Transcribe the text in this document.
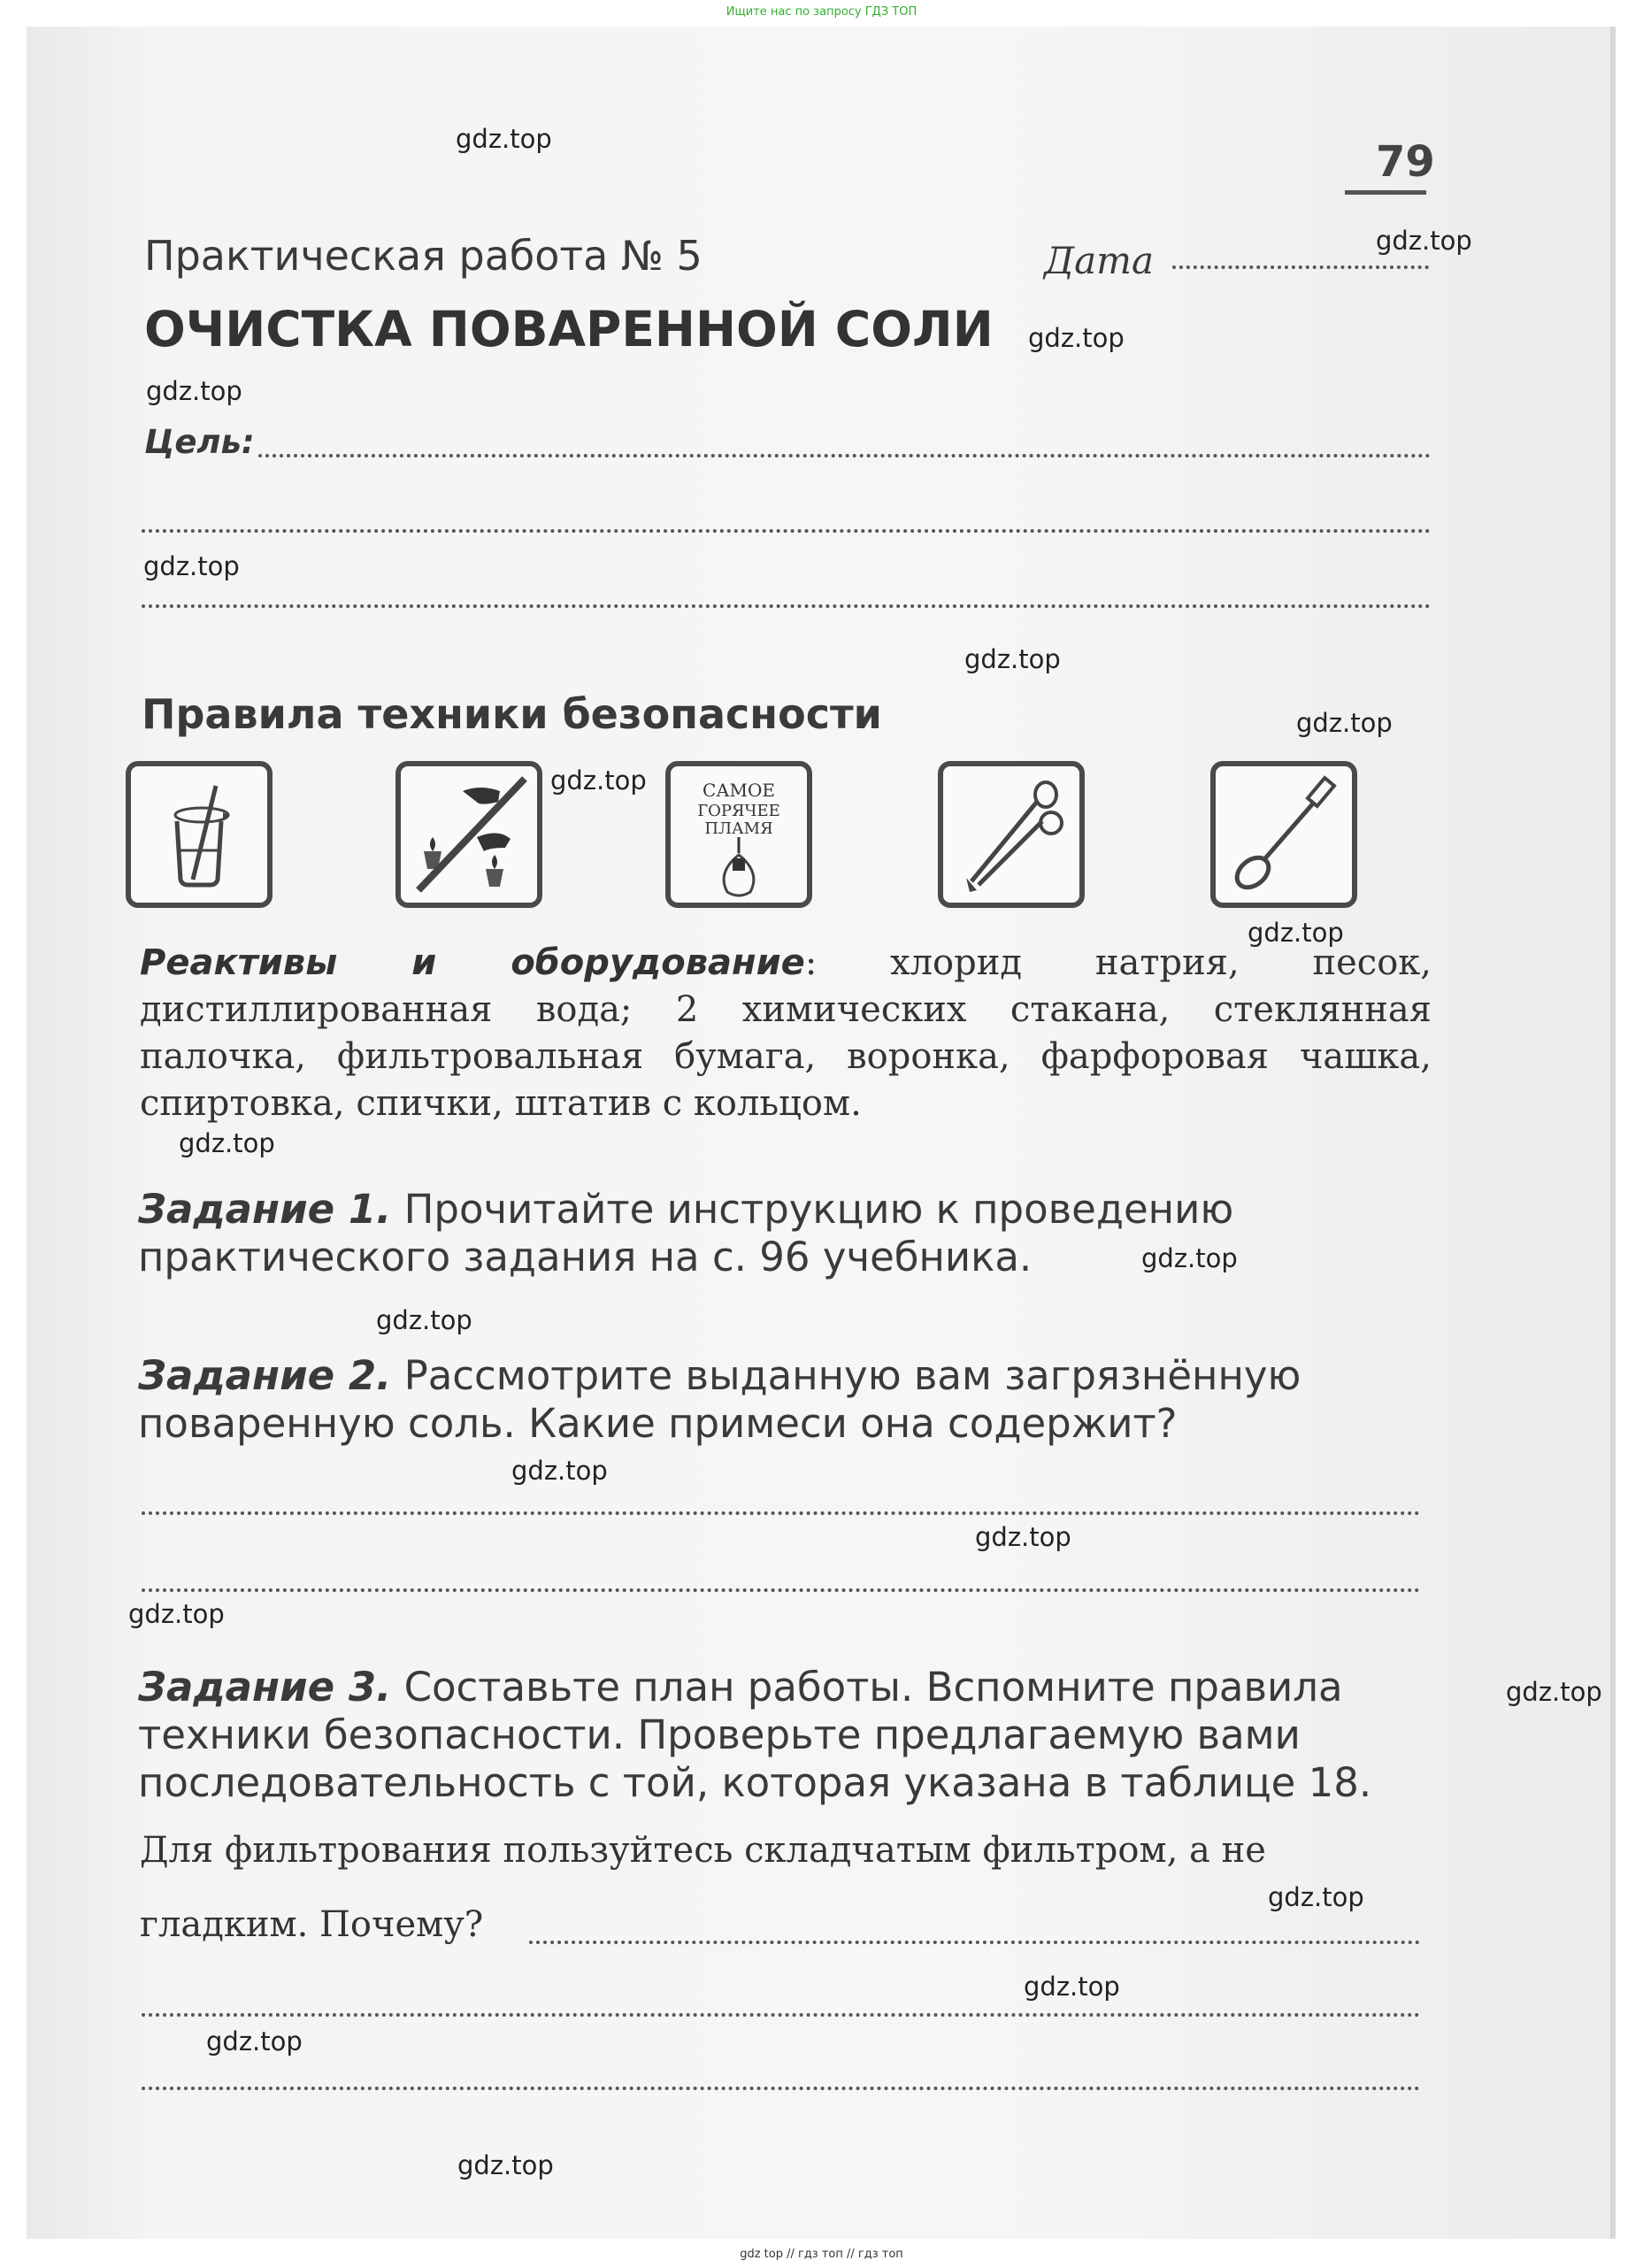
Ищите нас по запросу ГДЗ ТОП
gdz.top
gdz.top
gdz.top
gdz.top
gdz.top
gdz.top
gdz.top
gdz.top
gdz.top
gdz.top
gdz.top
gdz.top
gdz.top
gdz.top
gdz.top
gdz.top
gdz.top
gdz.top
gdz.top
gdz.top
79
Практическая работа № 5	Дата
ОЧИСТКА ПОВАРЕННОЙ СОЛИ
Цель:
Правила техники безопасности
САМОЕ
ГОРЯЧЕЕ
ПЛАМЯ
Реактивы и оборудование: хлорид натрия, песок, дистиллированная вода; 2 химических стакана, стеклянная палочка, фильтровальная бумага, воронка, фарфоровая чашка, спиртовка, спички, штатив с кольцом.
Задание 1. Прочитайте инструкцию к проведению практического задания на с. 96 учебника.
Задание 2. Рассмотрите выданную вам загрязнённую поваренную соль. Какие примеси она содержит?
Задание 3. Составьте план работы. Вспомните правила техники безопасности. Проверьте предлагаемую вами последовательность с той, которая указана в таблице 18.
Для фильтрования пользуйтесь складчатым фильтром, а не
гладким. Почему?
gdz top // гдз топ // гдз топ
